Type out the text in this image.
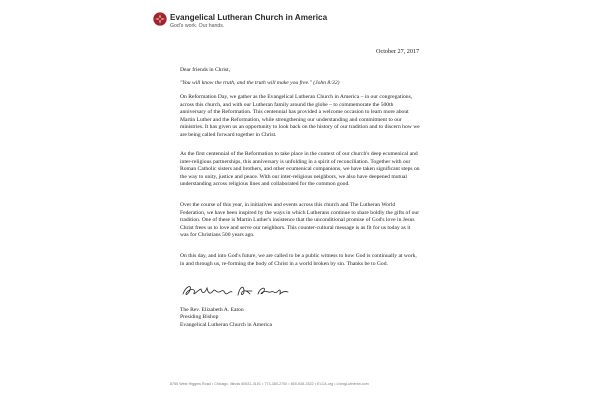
Evangelical Lutheran Church in America
God's work. Our hands.
October 27, 2017
Dear friends in Christ,
"You will know the truth, and the truth will make you free." (John 8:32)
On Reformation Day, we gather as the Evangelical Lutheran Church in America – in our congregations, across this church, and with our Lutheran family around the globe – to commemorate the 500th anniversary of the Reformation. This centennial has provided a welcome occasion to learn more about Martin Luther and the Reformation, while strengthening our understanding and commitment to our ministries. It has given us an opportunity to look back on the history of our tradition and to discern how we are being called forward together in Christ.
As the first centennial of the Reformation to take place in the context of our church's deep ecumenical and inter-religious partnerships, this anniversary is unfolding in a spirit of reconciliation. Together with our Roman Catholic sisters and brothers, and other ecumenical companions, we have taken significant steps on the way to unity, justice and peace. With our inter-religious neighbors, we also have deepened mutual understanding across religious lines and collaborated for the common good.
Over the course of this year, in initiatives and events across this church and The Lutheran World Federation, we have been inspired by the ways in which Lutherans continue to share boldly the gifts of our tradition. One of these is Martin Luther's insistence that the unconditional promise of God's love in Jesus Christ frees us to love and serve our neighbors. This counter-cultural message is as fit for us today as it was for Christians 500 years ago.
On this day, and into God's future, we are called to be a public witness to how God is continually at work, in and through us, re-forming the body of Christ in a world broken by sin. Thanks be to God.
The Rev. Elizabeth A. Eaton
Presiding Bishop
Evangelical Lutheran Church in America
8765 West Higgins Road • Chicago, Illinois 60631-4101 • 773-380-2700 • 800-638-3522 • ELCA.org • LivingLutheran.com
